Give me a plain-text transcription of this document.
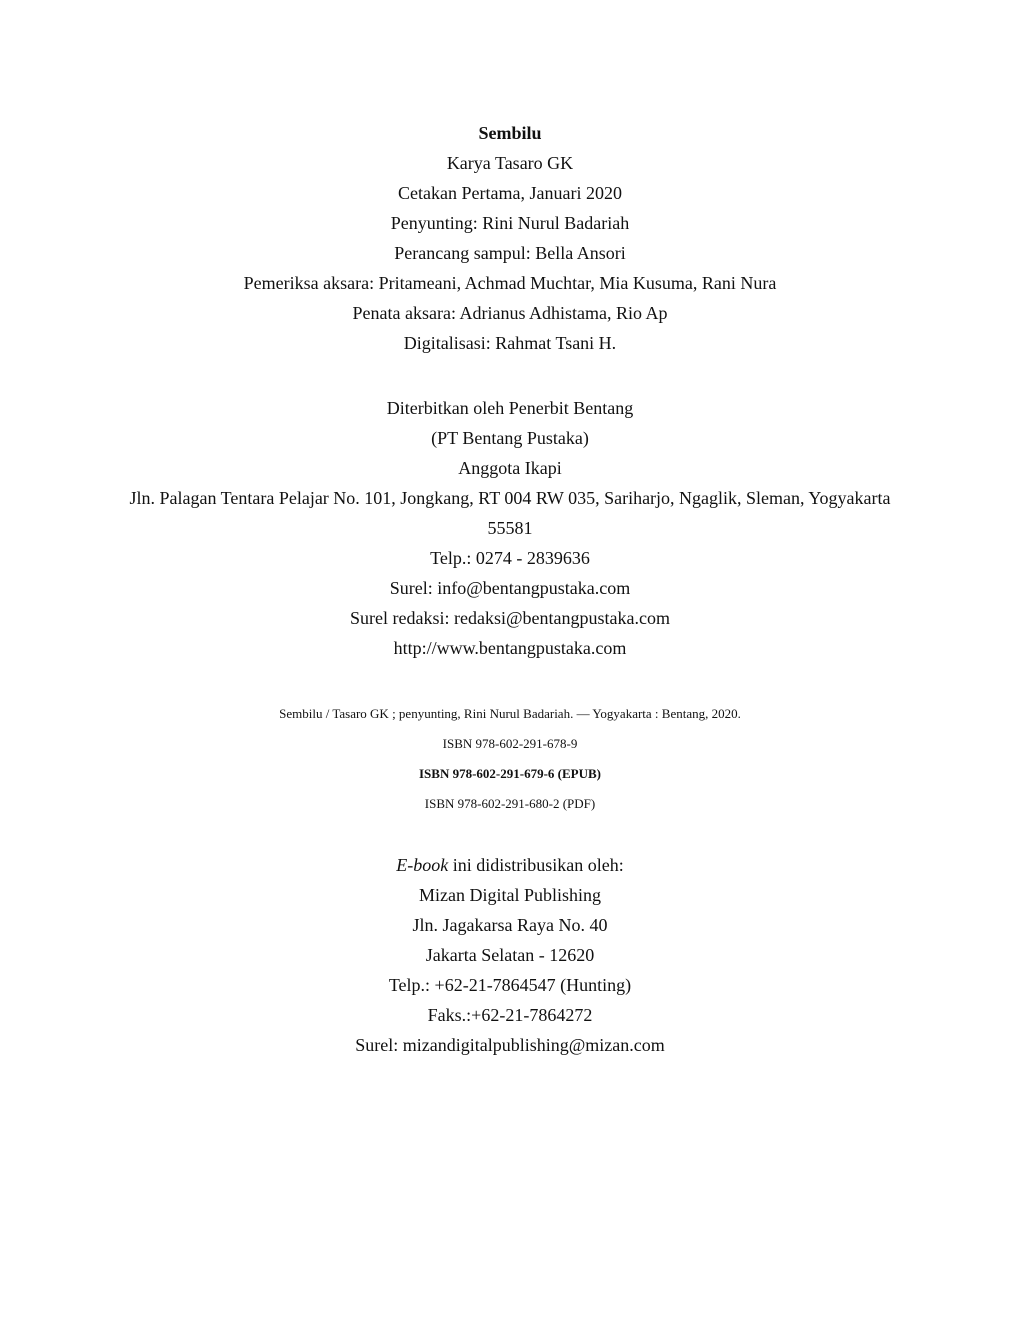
Sembilu
Karya Tasaro GK
Cetakan Pertama, Januari 2020
Penyunting: Rini Nurul Badariah
Perancang sampul: Bella Ansori
Pemeriksa aksara: Pritameani, Achmad Muchtar, Mia Kusuma, Rani Nura
Penata aksara: Adrianus Adhistama, Rio Ap
Digitalisasi: Rahmat Tsani H.
Diterbitkan oleh Penerbit Bentang
(PT Bentang Pustaka)
Anggota Ikapi
Jln. Palagan Tentara Pelajar No. 101, Jongkang, RT 004 RW 035, Sariharjo, Ngaglik, Sleman, Yogyakarta
55581
Telp.: 0274 - 2839636
Surel: info@bentangpustaka.com
Surel redaksi: redaksi@bentangpustaka.com
http://www.bentangpustaka.com
Sembilu / Tasaro GK ; penyunting, Rini Nurul Badariah. — Yogyakarta : Bentang, 2020.
ISBN 978-602-291-678-9
ISBN 978-602-291-679-6 (EPUB)
ISBN 978-602-291-680-2 (PDF)
E-book ini didistribusikan oleh:
Mizan Digital Publishing
Jln. Jagakarsa Raya No. 40
Jakarta Selatan - 12620
Telp.: +62-21-7864547 (Hunting)
Faks.:+62-21-7864272
Surel: mizandigitalpublishing@mizan.com
